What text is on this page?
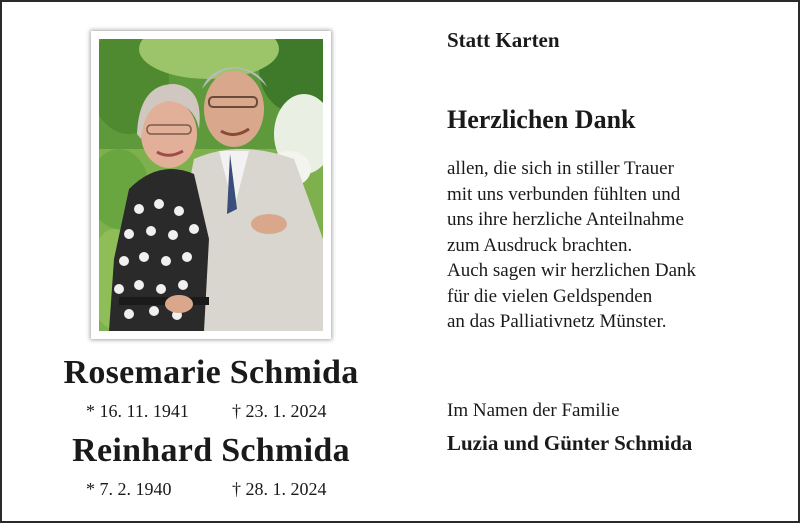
Rosemarie Schmida
* 16. 11. 1941 † 23. 1. 2024
Reinhard Schmida
* 7. 2. 1940	† 28. 1. 2024

Statt Karten

Herzlichen Dank
allen, die sich in stiller Trauer
mit uns verbunden fühlten und
uns ihre herzliche Anteilnahme
zum Ausdruck brachten.
Auch sagen wir herzlichen Dank
für die vielen Geldspenden
an das Palliativnetz Münster.
Im Namen der Familie
Luzia und Günter Schmida
